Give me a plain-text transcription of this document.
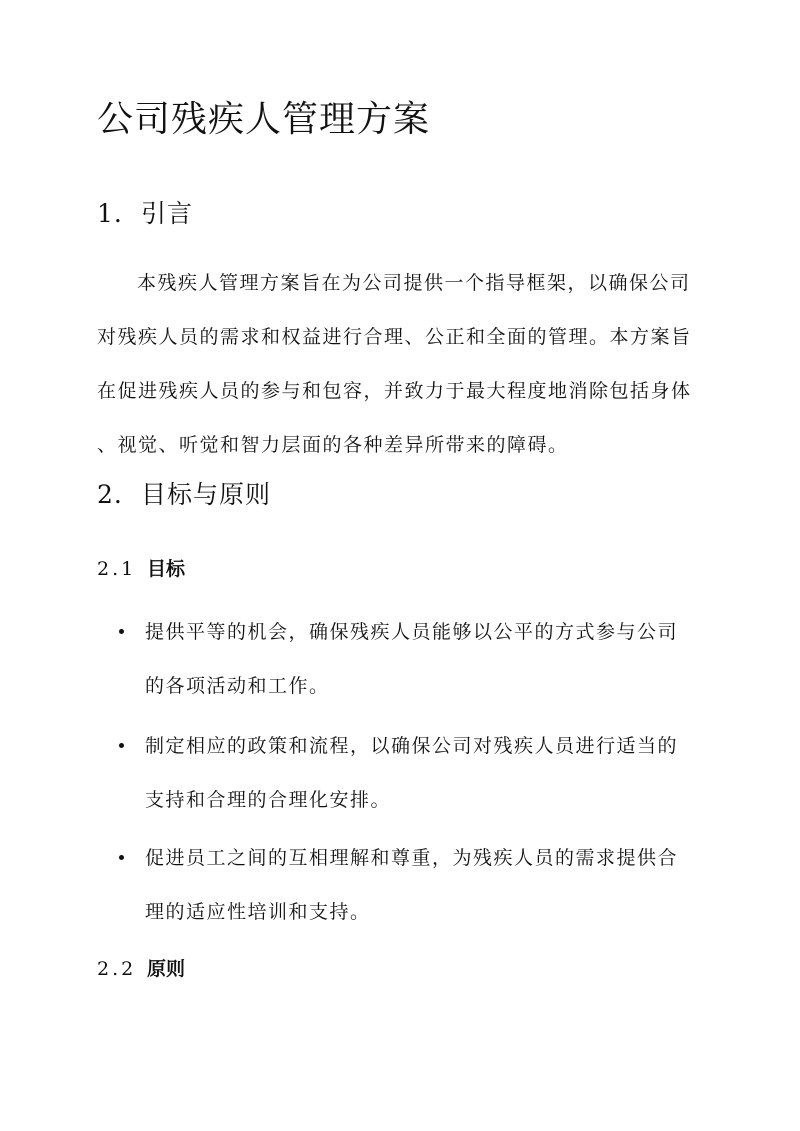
公司残疾人管理方案
1. 引言
本残疾人管理方案旨在为公司提供一个指导框架，以确保公司
对残疾人员的需求和权益进行合理、公正和全面的管理。本方案旨
在促进残疾人员的参与和包容，并致力于最大程度地消除包括身体
、视觉、听觉和智力层面的各种差异所带来的障碍。
2. 目标与原则
2.1 目标
提供平等的机会，确保残疾人员能够以公平的方式参与公司
的各项活动和工作。
制定相应的政策和流程，以确保公司对残疾人员进行适当的
支持和合理的合理化安排。
促进员工之间的互相理解和尊重，为残疾人员的需求提供合
理的适应性培训和支持。
2.2 原则
